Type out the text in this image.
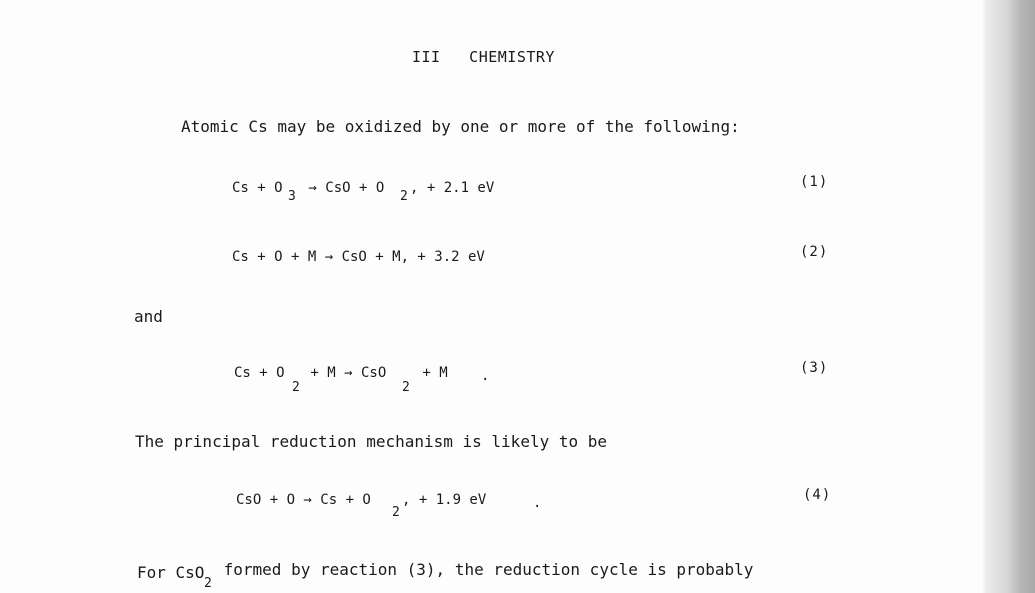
III   CHEMISTRY
Atomic Cs may be oxidized by one or more of the following:
Cs + O
3
→ CsO + O
2
, + 2.1 eV	(1)
Cs + O + M → CsO + M, + 3.2 eV	(2)
and
Cs + O
2
+ M → CsO
2
+ M .	(3)
The principal reduction mechanism is likely to be
CsO + O → Cs + O
2
, + 1.9 eV	.	(4)
For CsO
2
formed by reaction (3), the reduction cycle is probably
